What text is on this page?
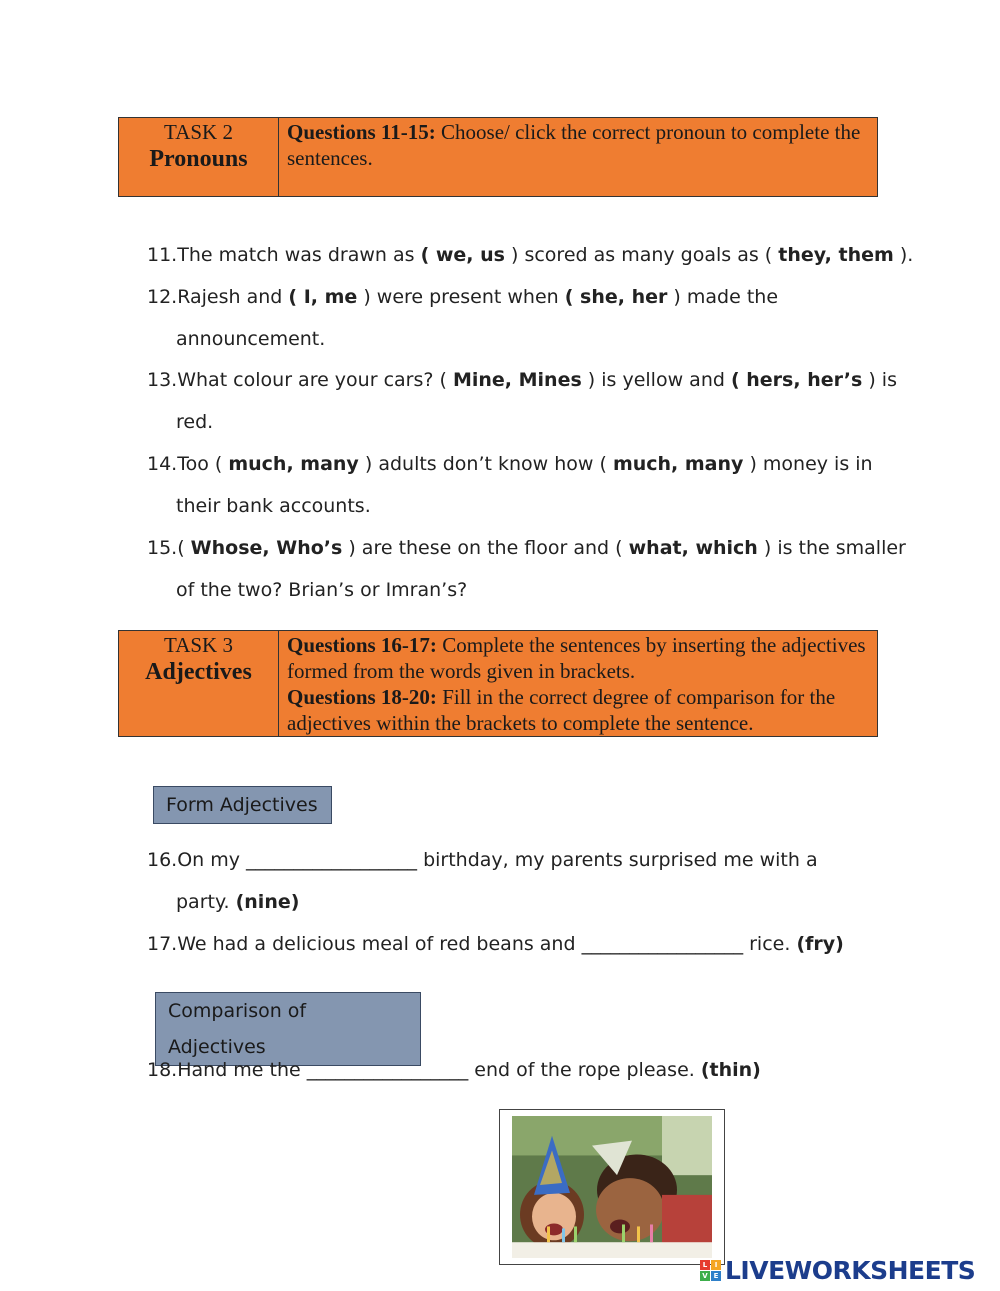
TASK 2
Pronouns
Questions 11-15: Choose/ click the correct pronoun to complete the sentences.
11.The match was drawn as ( we, us ) scored as many goals as ( they, them ).
12.Rajesh and ( I, me ) were present when ( she, her ) made the
announcement.
13.What colour are your cars? ( Mine, Mines ) is yellow and ( hers, her’s ) is
red.
14.Too ( much, many ) adults don’t know how ( much, many ) money is in
their bank accounts.
15.( Whose, Who’s ) are these on the floor and ( what, which ) is the smaller
of the two? Brian’s or Imran’s?
TASK 3
Adjectives
Questions 16-17: Complete the sentences by inserting the adjectives formed from the words given in brackets.
Questions 18-20: Fill in the correct degree of comparison for the adjectives within the brackets to complete the sentence.
Form Adjectives
16.On my __________________ birthday, my parents surprised me with a
party. (nine)
17.We had a delicious meal of red beans and _________________ rice. (fry)
Comparison of Adjectives
18.Hand me the _________________ end of the rope please. (thin)
L	I
V E LIVEWORKSHEETS
